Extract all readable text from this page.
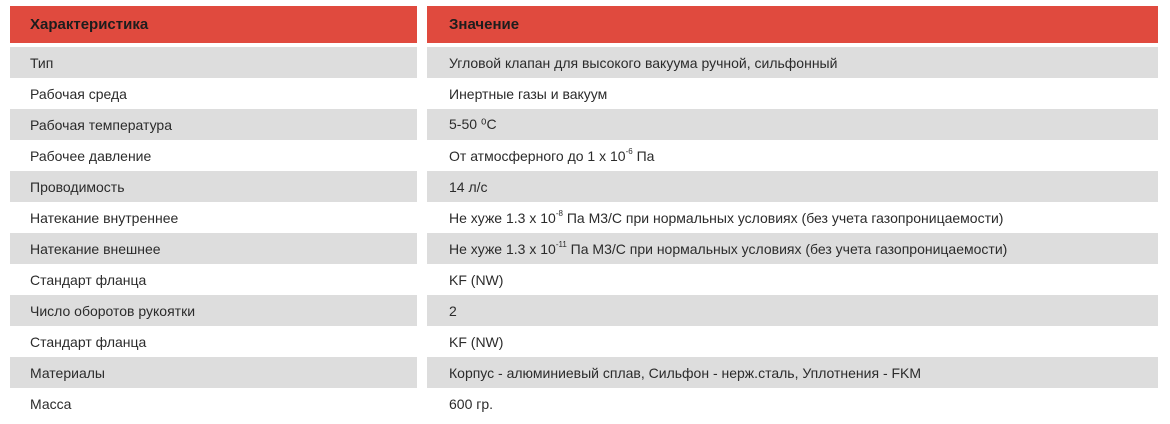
Характеристика	Значение
Тип	Угловой клапан для высокого вакуума ручной, сильфонный
Рабочая среда	Инертные газы и вакуум
Рабочая температура	5-50 ⁰С
Рабочее давление	От атмосферного до 1 x $10^{-6}$ Па
Проводимость	14 л/с
Натекание внутреннее	Не хуже 1.3 x $10^{-8}$ Па М3/С при нормальных условиях (без учета газопроницаемости)
Натекание внешнее	Не хуже 1.3 x $10^{-11}$ Па М3/С при нормальных условиях (без учета газопроницаемости)
Стандарт фланца	KF (NW)
Число оборотов рукоятки	2
Стандарт фланца	KF (NW)
Материалы	Корпус - алюминиевый сплав, Сильфон - нерж.сталь, Уплотнения - FKM
Масса	600 гр.
